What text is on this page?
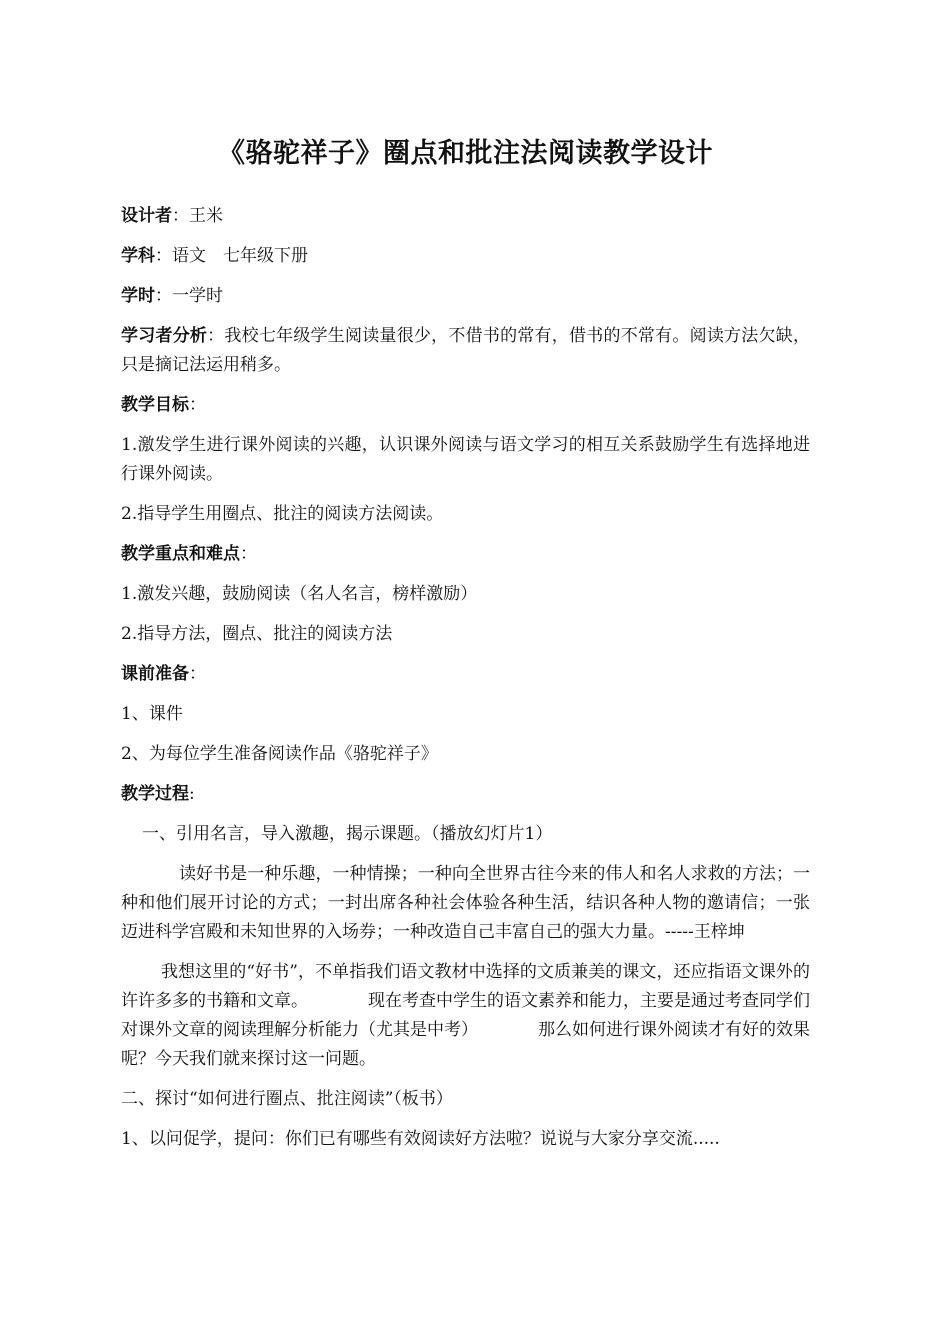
《骆驼祥子》圈点和批注法阅读教学设计

设计者：王米

学科：语文　七年级下册

学时：一学时

学习者分析：我校七年级学生阅读量很少，不借书的常有，借书的不常有。阅读方法欠缺，只是摘记法运用稍多。

教学目标：

1.激发学生进行课外阅读的兴趣，认识课外阅读与语文学习的相互关系鼓励学生有选择地进行课外阅读。

2.指导学生用圈点、批注的阅读方法阅读。

教学重点和难点：

1.激发兴趣，鼓励阅读（名人名言，榜样激励）

2.指导方法，圈点、批注的阅读方法

课前准备：

1、课件

2、为每位学生准备阅读作品《骆驼祥子》

教学过程:

一、引用名言，导入激趣，揭示课题。（播放幻灯片1）

读好书是一种乐趣，一种情操；一种向全世界古往今来的伟人和名人求救的方法；一种和他们展开讨论的方式；一封出席各种社会体验各种生活，结识各种人物的邀请信；一张迈进科学宫殿和未知世界的入场券；一种改造自己丰富自己的强大力量。-----王梓坤

我想这里的“好书”，不单指我们语文教材中选择的文质兼美的课文，还应指语文课外的许许多多的书籍和文章。	现在考查中学生的语文素养和能力，主要是通过考查同学们对课外文章的阅读理解分析能力（尤其是中考）	那么如何进行课外阅读才有好的效果呢？今天我们就来探讨这一问题。

二、探讨“如何进行圈点、批注阅读”（板书）

1、以问促学，提问：你们已有哪些有效阅读好方法啦？说说与大家分享交流.....
